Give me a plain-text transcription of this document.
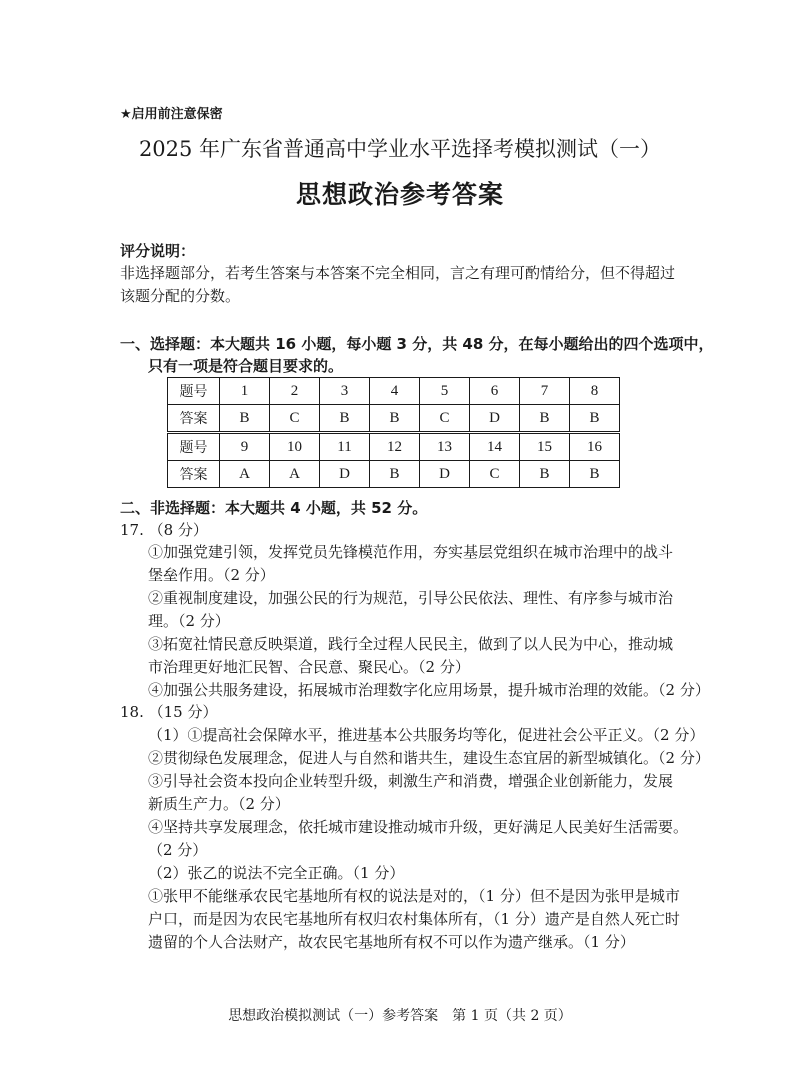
★启用前注意保密
2025 年广东省普通高中学业水平选择考模拟测试（一）
思想政治参考答案
评分说明：
非选择题部分，若考生答案与本答案不完全相同，言之有理可酌情给分，但不得超过
该题分配的分数。
一、选择题：本大题共 16 小题，每小题 3 分，共 48 分，在每小题给出的四个选项中，
只有一项是符合题目要求的。
题号	1	2	3	4	5	6	7	8
答案	B	C	B	B	C	D	B	B
题号	9	10	11	12	13	14	15	16
答案	A	A	D	B	D	C	B	B
二、非选择题：本大题共 4 小题，共 52 分。
17. （8 分）
①加强党建引领，发挥党员先锋模范作用，夯实基层党组织在城市治理中的战斗
堡垒作用。（2 分）
②重视制度建设，加强公民的行为规范，引导公民依法、理性、有序参与城市治
理。（2 分）
③拓宽社情民意反映渠道，践行全过程人民民主，做到了以人民为中心，推动城
市治理更好地汇民智、合民意、聚民心。（2 分）
④加强公共服务建设，拓展城市治理数字化应用场景，提升城市治理的效能。（2 分）
18. （15 分）
（1）①提高社会保障水平，推进基本公共服务均等化，促进社会公平正义。（2 分）
②贯彻绿色发展理念，促进人与自然和谐共生，建设生态宜居的新型城镇化。（2 分）
③引导社会资本投向企业转型升级，刺激生产和消费，增强企业创新能力，发展
新质生产力。（2 分）
④坚持共享发展理念，依托城市建设推动城市升级，更好满足人民美好生活需要。
（2 分）
（2）张乙的说法不完全正确。（1 分）
①张甲不能继承农民宅基地所有权的说法是对的，（1 分）但不是因为张甲是城市
户口，而是因为农民宅基地所有权归农村集体所有，（1 分）遗产是自然人死亡时
遗留的个人合法财产，故农民宅基地所有权不可以作为遗产继承。（1 分）
思想政治模拟测试（一）参考答案　第 1 页（共 2 页）
